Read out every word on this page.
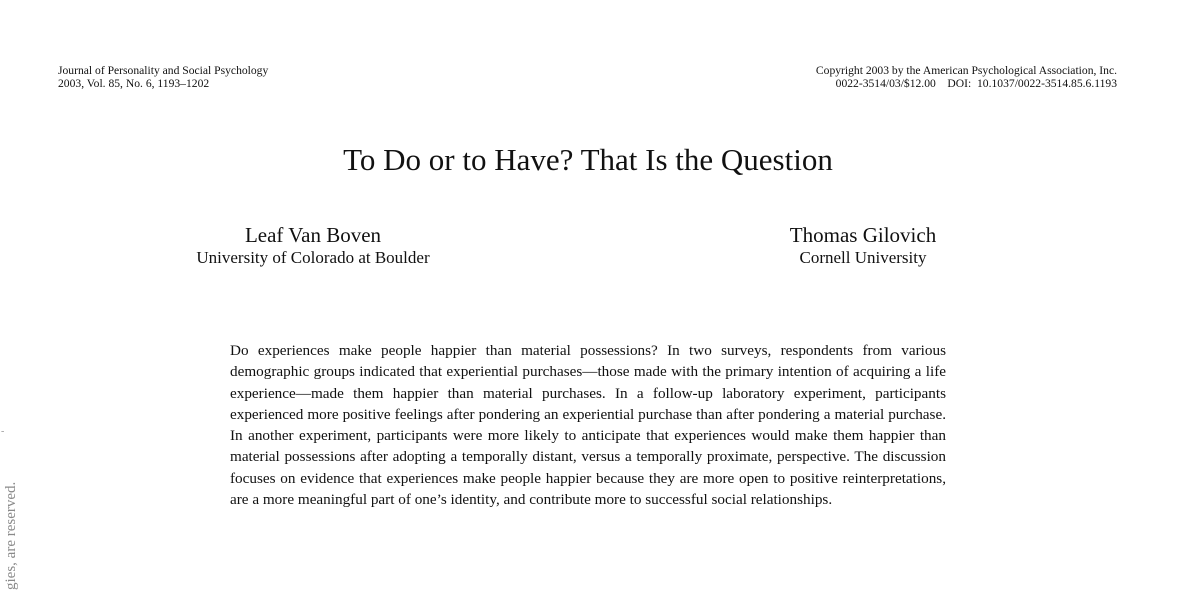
Journal of Personality and Social Psychology
2003, Vol. 85, No. 6, 1193–1202
Copyright 2003 by the American Psychological Association, Inc.
0022-3514/03/$12.00    DOI:  10.1037/0022-3514.85.6.1193
To Do or to Have? That Is the Question
Leaf Van Boven
University of Colorado at Boulder
Thomas Gilovich
Cornell University
Do experiences make people happier than material possessions? In two surveys, respondents from various demographic groups indicated that experiential purchases—those made with the primary intention of acquiring a life experience—made them happier than material purchases. In a follow-up laboratory experiment, participants experienced more positive feelings after pondering an experiential purchase than after pondering a material purchase. In another experiment, participants were more likely to anticipate that experiences would make them happier than material possessions after adopting a temporally distant, versus a temporally proximate, perspective. The discussion focuses on evidence that experiences make people happier because they are more open to positive reinterpretations, are a more meaningful part of one’s identity, and contribute more to successful social relationships.
-
gies, are reserved.
